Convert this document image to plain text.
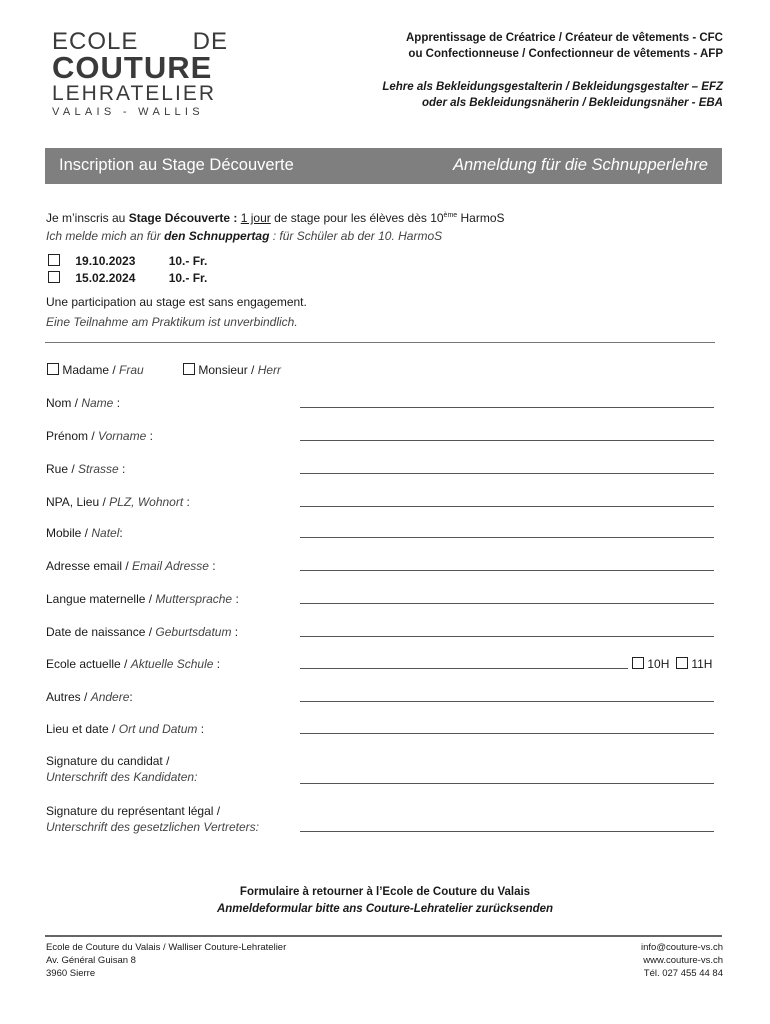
ECOLE DE
COUTURE
LEHRATELIER
VALAIS - WALLIS
Apprentissage de Créatrice / Créateur de vêtements - CFC
ou Confectionneuse / Confectionneur de vêtements - AFP
Lehre als Bekleidungsgestalterin / Bekleidungsgestalter – EFZ
oder als Bekleidungsnäherin / Bekleidungsnäher - EBA
Inscription au Stage Découverte	Anmeldung für die Schnupperlehre
Je m’inscris au Stage Découverte : 1 jour de stage pour les élèves dès 10ème HarmoS
Ich melde mich an für den Schnuppertag : für Schüler ab der 10. HarmoS
19.10.2023	10.- Fr.
15.02.2024	10.- Fr.
Une participation au stage est sans engagement.
Eine Teilnahme am Praktikum ist unverbindlich.
Madame / Frau	Monsieur / Herr
Nom / Name :
Prénom / Vorname :
Rue / Strasse :
NPA, Lieu / PLZ, Wohnort :
Mobile / Natel:
Adresse email / Email Adresse :
Langue maternelle / Muttersprache :
Date de naissance / Geburtsdatum :
Ecole actuelle / Aktuelle Schule :	10H	11H
Autres / Andere:
Lieu et date / Ort und Datum :
Signature du candidat /
Unterschrift des Kandidaten:
Signature du représentant légal /
Unterschrift des gesetzlichen Vertreters:
Formulaire à retourner à l’Ecole de Couture du Valais
Anmeldeformular bitte ans Couture-Lehratelier zurücksenden
Ecole de Couture du Valais / Walliser Couture-Lehratelier
Av. Général Guisan 8
3960 Sierre
info@couture-vs.ch
www.couture-vs.ch
Tél. 027 455 44 84
